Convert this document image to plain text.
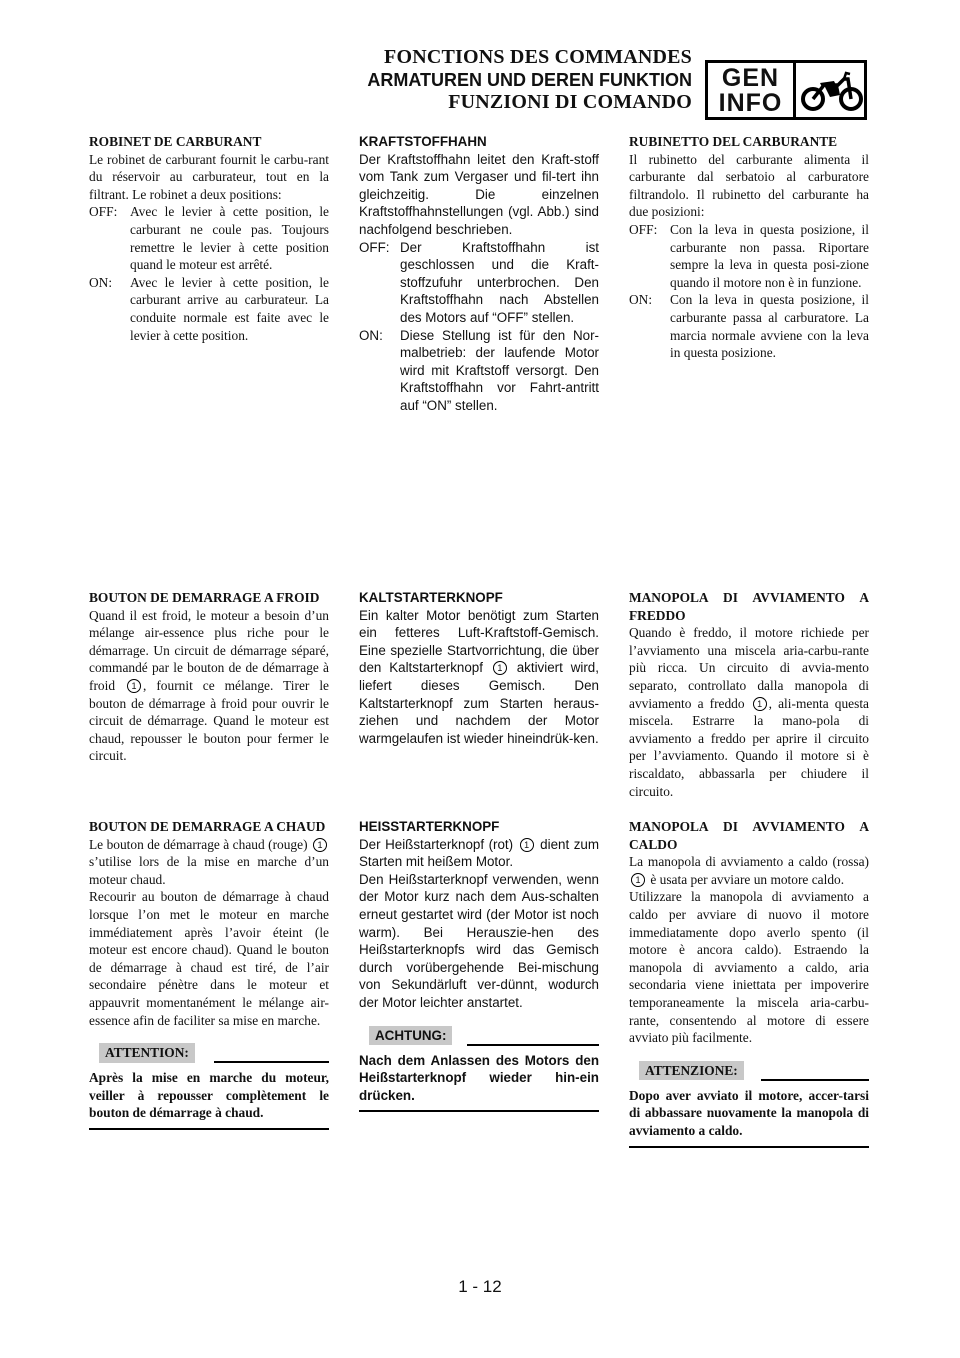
FONCTIONS DES COMMANDES
ARMATUREN UND DEREN FUNKTION
FUNZIONI DI COMANDO
GEN
INFO
ROBINET DE CARBURANT
Le robinet de carburant fournit le carbu-rant du réservoir au carburateur, tout en la filtrant. Le robinet a deux positions:
OFF: Avec le levier à cette position, le carburant ne coule pas. Toujours remettre le levier à cette position quand le moteur est arrêté.
ON:	Avec le levier à cette position, le carburant arrive au carburateur. La conduite normale est faite avec le levier à cette position.
KRAFTSTOFFHAHN
Der Kraftstoffhahn leitet den Kraft-stoff vom Tank zum Vergaser und fil-tert ihn gleichzeitig. Die einzelnen Kraftstoffhahnstellungen (vgl. Abb.) sind nachfolgend beschrieben.
OFF: Der Kraftstoffhahn ist geschlossen und die Kraft-stoffzufuhr unterbrochen. Den Kraftstoffhahn nach Abstellen des Motors auf “OFF” stellen.
ON:	Diese Stellung ist für den Nor-malbetrieb: der laufende Motor wird mit Kraftstoff versorgt. Den Kraftstoffhahn vor Fahrt-antritt auf “ON” stellen.
RUBINETTO DEL CARBURANTE
Il rubinetto del carburante alimenta il carburante dal serbatoio al carburatore filtrandolo. Il rubinetto del carburante ha due posizioni:
OFF: Con la leva in questa posizione, il carburante non passa. Riportare sempre la leva in questa posi-zione quando il motore non è in funzione.
ON:	Con la leva in questa posizione, il carburante passa al carburatore. La marcia normale avviene con la leva in questa posizione.
BOUTON DE DEMARRAGE A FROID
Quand il est froid, le moteur a besoin d’un mélange air-essence plus riche pour le démarrage. Un circuit de démarrage séparé, commandé par le bouton de de démarrage à froid 1 , fournit ce mélange. Tirer le bouton de démarrage à froid pour ouvrir le circuit de démarrage. Quand le moteur est chaud, repousser le bouton pour fermer le circuit.
KALTSTARTERKNOPF
Ein kalter Motor benötigt zum Starten ein fetteres Luft-Kraftstoff-Gemisch. Eine spezielle Startvorrichtung, die über den Kaltstarterknopf 1 aktiviert wird, liefert dieses Gemisch. Den Kaltstarterknopf zum Starten heraus-ziehen und nachdem der Motor warmgelaufen ist wieder hineindrük-ken.
MANOPOLA DI AVVIAMENTO A FREDDO
Quando è freddo, il motore richiede per l’avviamento una miscela aria-carbu-rante più ricca. Un circuito di avvia-mento separato, controllato dalla manopola di avviamento a freddo 1 , ali-menta questa miscela. Estrarre la mano-pola di avviamento a freddo per aprire il circuito per l’avviamento. Quando il motore si è riscaldato, abbassarla per chiudere il circuito.
BOUTON DE DEMARRAGE A CHAUD
Le bouton de démarrage à chaud (rouge) 1 s’utilise lors de la mise en marche d’un moteur chaud.
Recourir au bouton de démarrage à chaud lorsque l’on met le moteur en marche immédiatement après l’avoir éteint (le moteur est encore chaud). Quand le bouton de démarrage à chaud est tiré, de l’air secondaire pénètre dans le moteur et appauvrit momentanément le mélange air-essence afin de faciliter sa mise en marche.
ATTENTION:
Après la mise en marche du moteur, veiller à repousser complètement le bouton de démarrage à chaud.
HEISSTARTERKNOPF
Der Heißstarterknopf (rot) 1 dient zum Starten mit heißem Motor.
Den Heißstarterknopf verwenden, wenn der Motor kurz nach dem Aus-schalten erneut gestartet wird (der Motor ist noch warm). Bei Herauszie-hen des Heißstarterknopfs wird das Gemisch durch vorübergehende Bei-mischung von Sekundärluft ver-dünnt, wodurch der Motor leichter anstartet.
ACHTUNG:
Nach dem Anlassen des Motors den Heißstarterknopf wieder hin-ein drücken.
MANOPOLA DI AVVIAMENTO A CALDO
La manopola di avviamento a caldo (rossa) 1 è usata per avviare un motore caldo.
Utilizzare la manopola di avviamento a caldo per avviare di nuovo il motore immediatamente dopo averlo spento (il motore è ancora caldo). Estraendo la manopola di avviamento a caldo, aria secondaria viene iniettata per impoverire temporaneamente la miscela aria-carbu-rante, consentendo al motore di essere avviato più facilmente.
ATTENZIONE:
Dopo aver avviato il motore, accer-tarsi di abbassare nuovamente la manopola di avviamento a caldo.
1 - 12
